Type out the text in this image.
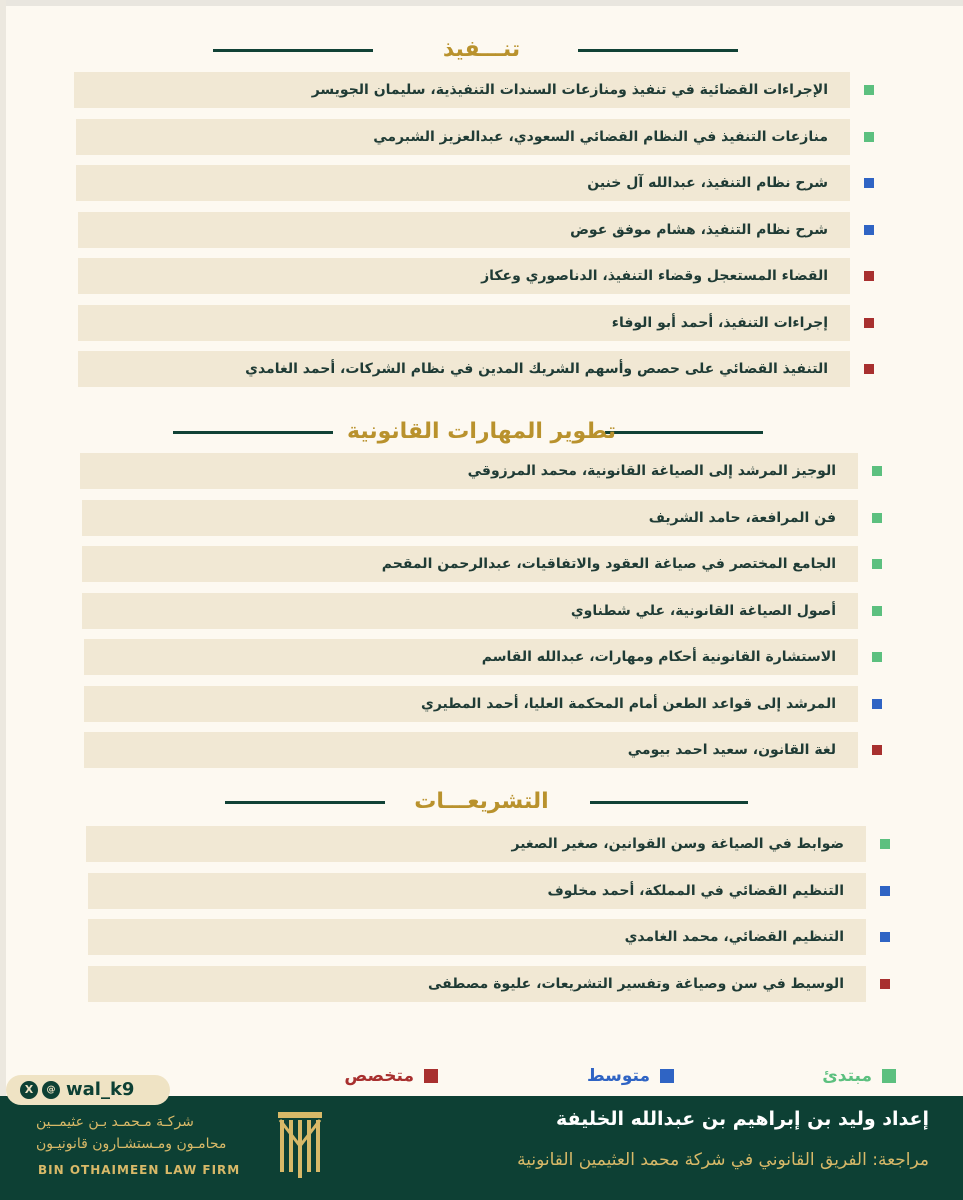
تنـــفيذ
الإجراءات القضائية في تنفيذ ومنازعات السندات التنفيذية، سليمان الجويسر
منازعات التنفيذ في النظام القضائي السعودي، عبدالعزيز الشبرمي
شرح نظام التنفيذ، عبدالله آل خنين
شرح نظام التنفيذ، هشام موفق عوض
القضاء المستعجل وقضاء التنفيذ، الدناصوري وعكاز
إجراءات التنفيذ، أحمد أبو الوفاء
التنفيذ القضائي على حصص وأسهم الشريك المدين في نظام الشركات، أحمد الغامدي
تطوير المهارات القانونية
الوجيز المرشد إلى الصياغة القانونية، محمد المرزوقي
فن المرافعة، حامد الشريف
الجامع المختصر في صياغة العقود والاتفاقيات، عبدالرحمن المقحم
أصول الصياغة القانونية، علي شطناوي
الاستشارة القانونية أحكام ومهارات، عبدالله القاسم
المرشد إلى قواعد الطعن أمام المحكمة العليا، أحمد المطيري
لغة القانون، سعيد احمد بيومي
التشريعـــات
ضوابط في الصياغة وسن القوانين، صغير الصغير
التنظيم القضائي في المملكة، أحمد مخلوف
التنظيم القضائي، محمد الغامدي
الوسيط في سن وصياغة وتفسير التشريعات، عليوة مصطفى
مبتدئ
متوسط
متخصص
X	@ wal_k9
إعداد وليد بن إبراهيم بن عبدالله الخليفة
مراجعة: الفريق القانوني في شركة محمد العثيمين القانونية
شركـة مـحمـد بـن عثيمــين
محامـون ومـستشـارون قانونيـون
BIN OTHAIMEEN LAW FIRM
